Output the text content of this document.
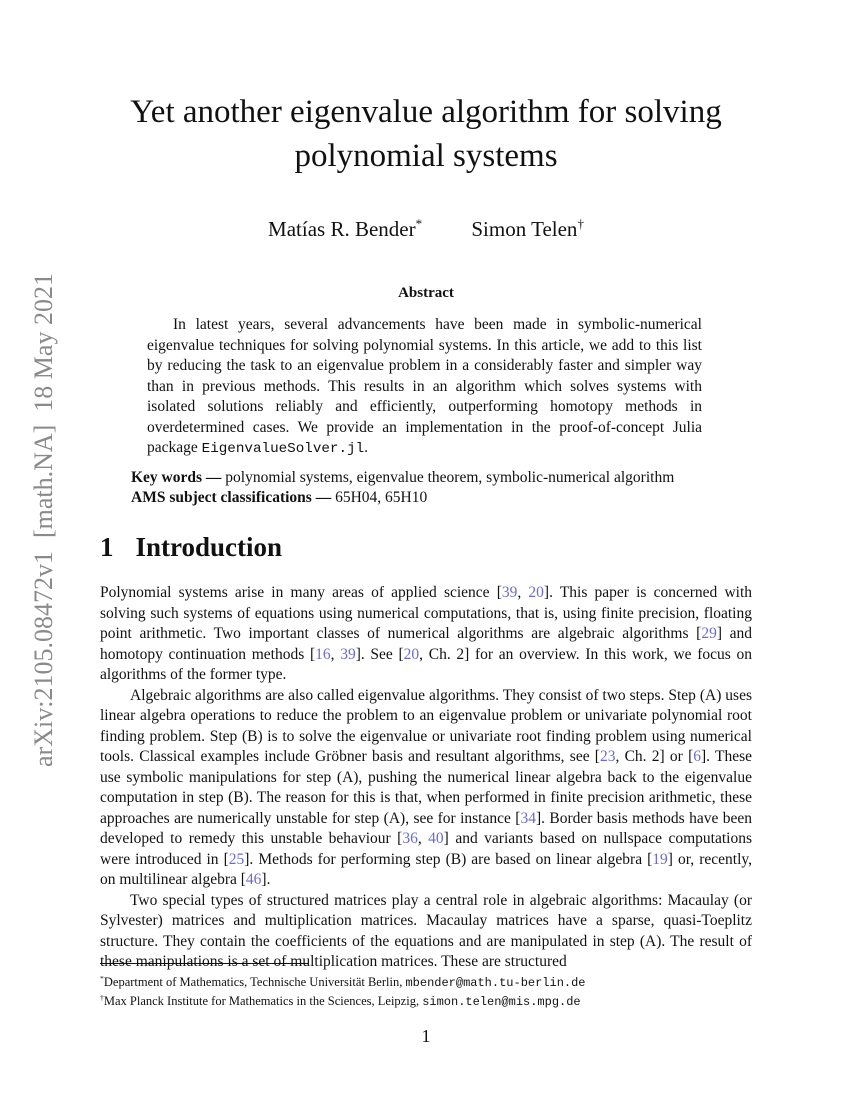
arXiv:2105.08472v1  [math.NA]  18 May 2021
Yet another eigenvalue algorithm for solving polynomial systems
Matías R. Bender* Simon Telen†
Abstract

In latest years, several advancements have been made in symbolic-numerical eigenvalue techniques for solving polynomial systems. In this article, we add to this list by reducing the task to an eigenvalue problem in a considerably faster and simpler way than in previous methods. This results in an algorithm which solves systems with isolated solutions reliably and efficiently, outperforming homotopy methods in overdetermined cases. We provide an implementation in the proof-of-concept Julia package EigenvalueSolver.jl.

Key words — polynomial systems, eigenvalue theorem, symbolic-numerical algorithm
AMS subject classifications — 65H04, 65H10
1 Introduction

Polynomial systems arise in many areas of applied science [39, 20]. This paper is concerned with solving such systems of equations using numerical computations, that is, using finite precision, floating point arithmetic. Two important classes of numerical algorithms are algebraic algorithms [29] and homotopy continuation methods [16, 39]. See [20, Ch. 2] for an overview. In this work, we focus on algorithms of the former type.

Algebraic algorithms are also called eigenvalue algorithms. They consist of two steps. Step (A) uses linear algebra operations to reduce the problem to an eigenvalue problem or univariate polynomial root finding problem. Step (B) is to solve the eigenvalue or univariate root finding problem using numerical tools. Classical examples include Gröbner basis and resultant algorithms, see [23, Ch. 2] or [6]. These use symbolic manipulations for step (A), pushing the numerical linear algebra back to the eigenvalue computation in step (B). The reason for this is that, when performed in finite precision arithmetic, these approaches are numerically unstable for step (A), see for instance [34]. Border basis methods have been developed to remedy this unstable behaviour [36, 40] and variants based on nullspace computations were introduced in [25]. Methods for performing step (B) are based on linear algebra [19] or, recently, on multilinear algebra [46].

Two special types of structured matrices play a central role in algebraic algorithms: Macaulay (or Sylvester) matrices and multiplication matrices. Macaulay matrices have a sparse, quasi-Toeplitz structure. They contain the coefficients of the equations and are manipulated in step (A). The result of these manipulations is a set of multiplication matrices. These are structured

*Department of Mathematics, Technische Universität Berlin, mbender@math.tu-berlin.de
†Max Planck Institute for Mathematics in the Sciences, Leipzig, simon.telen@mis.mpg.de
1
